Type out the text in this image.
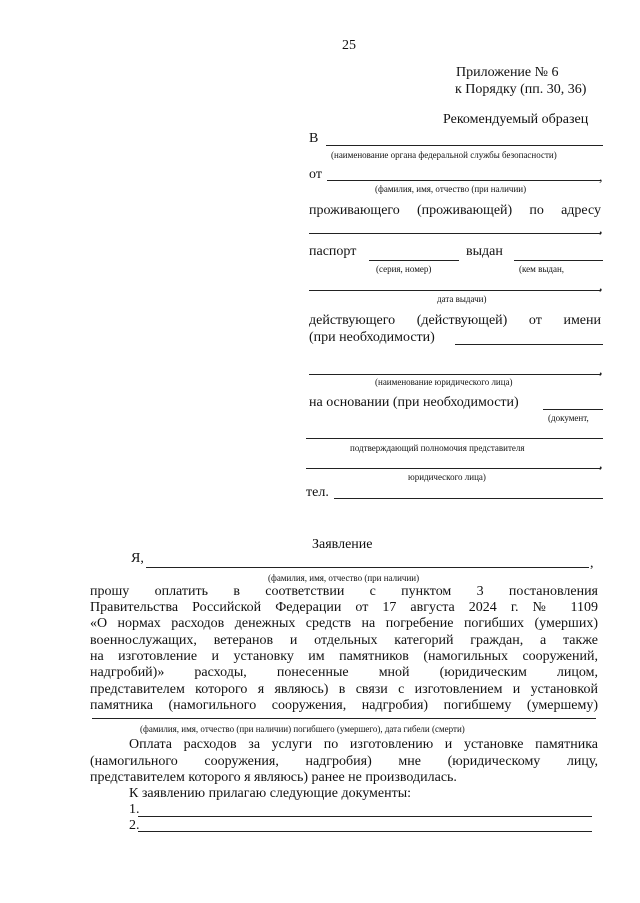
25
Приложение № 6
к Порядку (пп. 30, 36)
Рекомендуемый образец
В
(наименование органа федеральной службы безопасности)
от	,
(фамилия, имя, отчество (при наличии)
проживающего (проживающей) по адресу
,
паспорт	выдан
(серия, номер)	(кем выдан,
,
дата выдачи)
действующего (действующей) от имени
(при необходимости)
,
(наименование юридического лица)
на основании (при необходимости)
(документ,
подтверждающий полномочия представителя
,
юридического лица)
тел.
Заявление
Я,	,
(фамилия, имя, отчество (при наличии)
прошу оплатить в соответствии с пунктом 3 постановления
Правительства Российской Федерации от 17 августа 2024 г. № 1109
«О нормах расходов денежных средств на погребение погибших (умерших)
военнослужащих, ветеранов и отдельных категорий граждан, а также
на изготовление и установку им памятников (намогильных сооружений,
надгробий)» расходы, понесенные мной (юридическим лицом,
представителем которого я являюсь) в связи с изготовлением и установкой
памятника (намогильного сооружения, надгробия) погибшему (умершему)
(фамилия, имя, отчество (при наличии) погибшего (умершего), дата гибели (смерти)
Оплата расходов за услуги по изготовлению и установке памятника
(намогильного сооружения, надгробия) мне (юридическому лицу,
представителем которого я являюсь) ранее не производилась.
К заявлению прилагаю следующие документы:
1.
2.
